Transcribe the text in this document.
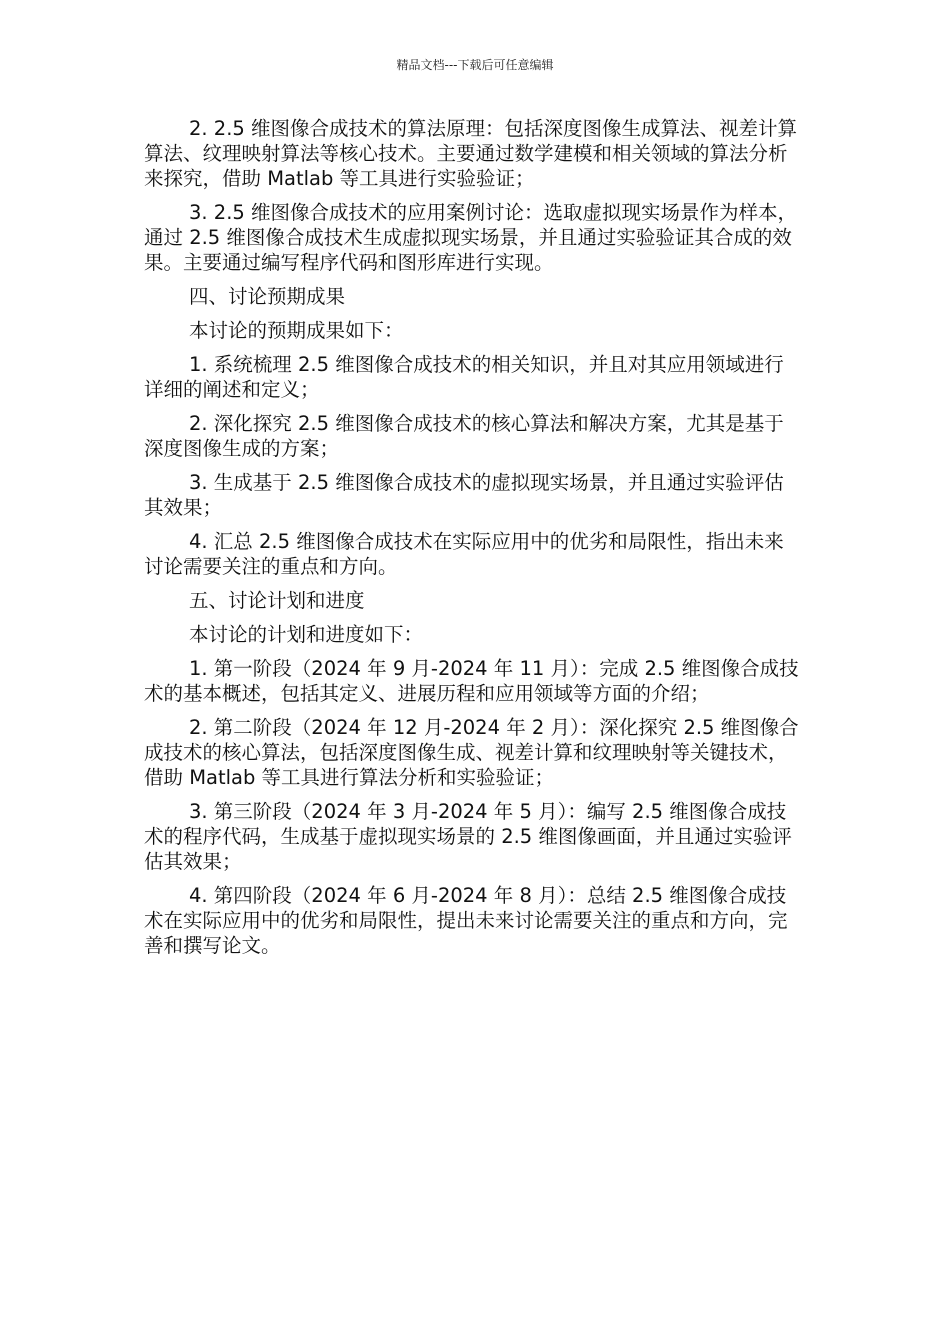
精品文档---下载后可任意编辑

2. 2.5 维图像合成技术的算法原理：包括深度图像生成算法、视差计算算法、纹理映射算法等核心技术。主要通过数学建模和相关领域的算法分析来探究，借助 Matlab 等工具进行实验验证；

3. 2.5 维图像合成技术的应用案例讨论：选取虚拟现实场景作为样本，通过 2.5 维图像合成技术生成虚拟现实场景，并且通过实验验证其合成的效果。主要通过编写程序代码和图形库进行实现。

四、讨论预期成果

本讨论的预期成果如下：

1. 系统梳理 2.5 维图像合成技术的相关知识，并且对其应用领域进行详细的阐述和定义；

2. 深化探究 2.5 维图像合成技术的核心算法和解决方案，尤其是基于深度图像生成的方案；

3. 生成基于 2.5 维图像合成技术的虚拟现实场景，并且通过实验评估其效果；

4. 汇总 2.5 维图像合成技术在实际应用中的优劣和局限性，指出未来讨论需要关注的重点和方向。

五、讨论计划和进度

本讨论的计划和进度如下：

1. 第一阶段（2024 年 9 月-2024 年 11 月）：完成 2.5 维图像合成技术的基本概述，包括其定义、进展历程和应用领域等方面的介绍；

2. 第二阶段（2024 年 12 月-2024 年 2 月）：深化探究 2.5 维图像合成技术的核心算法，包括深度图像生成、视差计算和纹理映射等关键技术，借助 Matlab 等工具进行算法分析和实验验证；

3. 第三阶段（2024 年 3 月-2024 年 5 月）：编写 2.5 维图像合成技术的程序代码，生成基于虚拟现实场景的 2.5 维图像画面，并且通过实验评估其效果；

4. 第四阶段（2024 年 6 月-2024 年 8 月）：总结 2.5 维图像合成技术在实际应用中的优劣和局限性，提出未来讨论需要关注的重点和方向，完善和撰写论文。
